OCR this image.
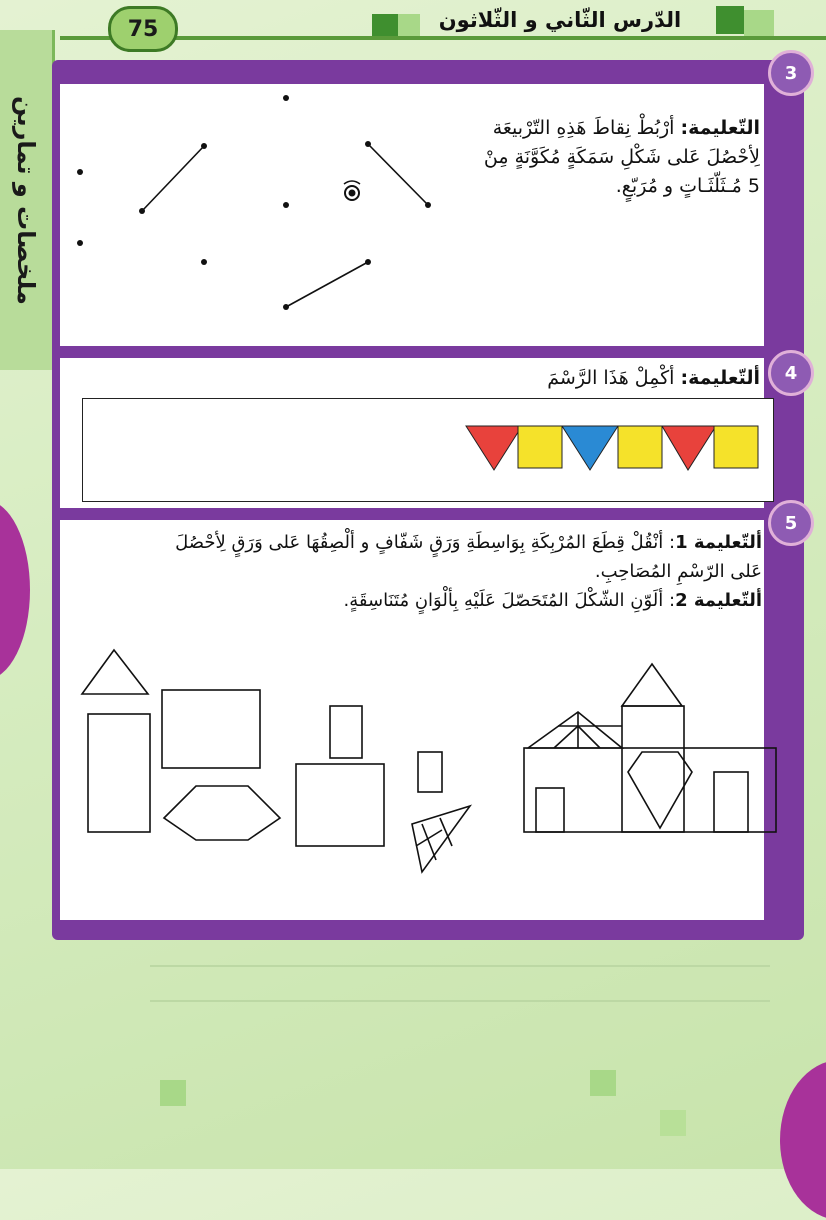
ملخصات و تمارين
75	الدّرس الثّاني و الثّلاثون
3
التّعليمة: أرْبُطْ نِقاطَ هَذِهِ التّرْبيعَة
لِأحْصُلَ عَلى شَكْلِ سَمَكَةٍ مُكَوَّنَةٍ مِنْ
5 مُـثَلّثَـاتٍ و مُرَبّعٍ.
4
ألتّعليمة: أكْمِلْ هَذَا الرَّسْمَ
5
ألتّعليمة 1: أنْقُلْ قِطَعَ المُرْبِكَةِ بِوَاسِطَةِ وَرَقٍ شَفّافٍ و ألْصِقُهَا عَلى وَرَقٍ لِأحْصُلَ
عَلى الرّسْمِ المُصَاحِبِ.
ألتّعليمة 2: ألَوّنِ الشّكْلَ المُتَحَصّلَ عَلَيْهِ بِألْوَانٍ مُتَنَاسِقَةٍ.
